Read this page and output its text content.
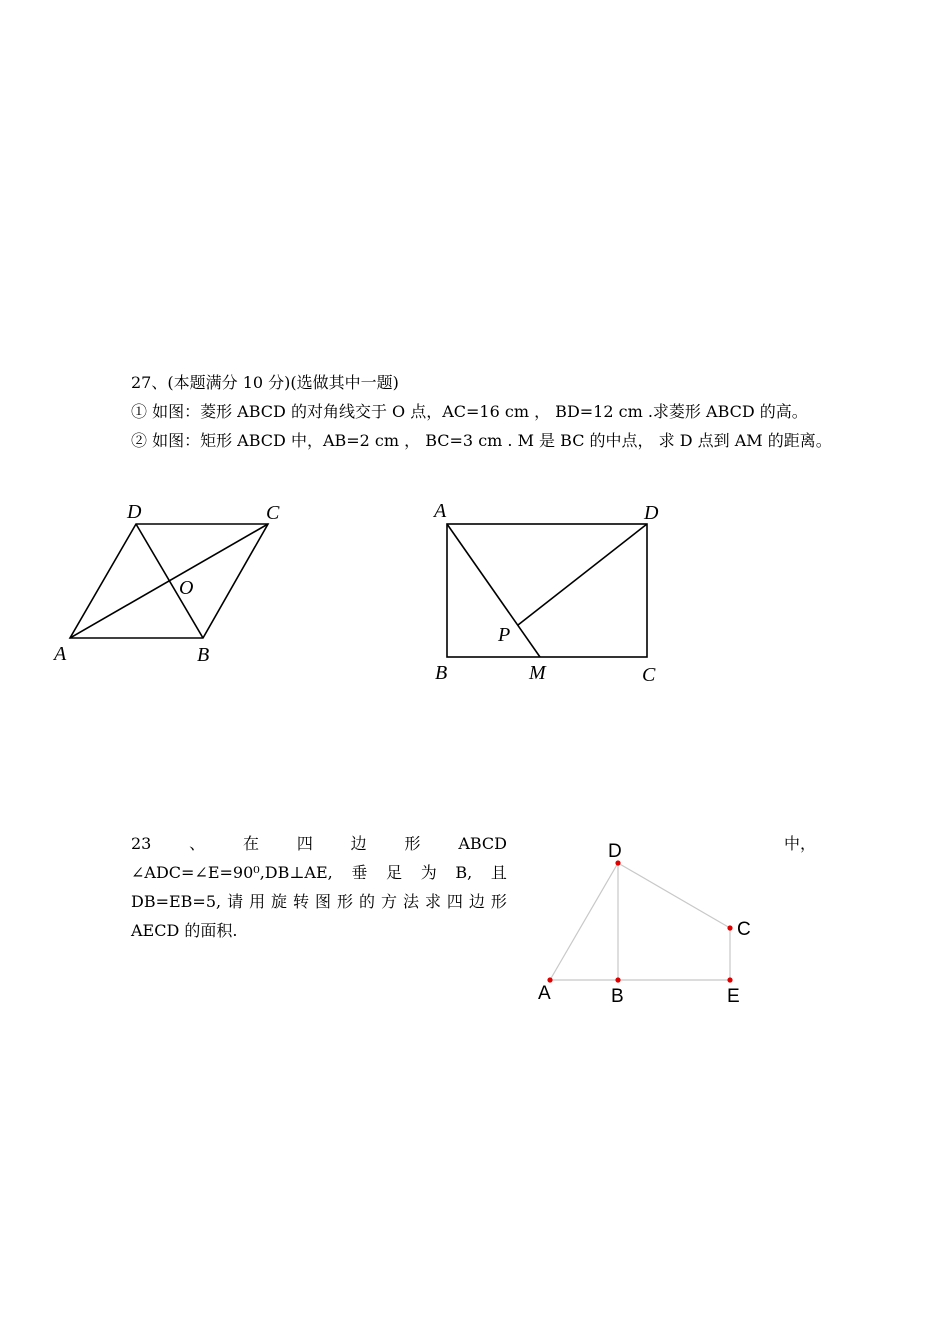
27、(本题满分 10 分)(选做其中一题)
① 如图：菱形 ABCD 的对角线交于 O 点，AC=16 cm ， BD=12 cm .求菱形 ABCD 的高。
② 如图：矩形 ABCD 中，AB=2 cm ， BC=3 cm . M 是 BC 的中点， 求 D 点到 AM 的距离。
D	C
O
A	B
A	D
P
B	M	C
D
C
A	B	E
23 、 在 四 边 形 ABCD	中，
∠ADC=∠E=90⁰,DB⊥AE, 垂 足 为 B, 且
DB=EB=5, 请 用 旋 转 图 形 的 方 法 求 四 边 形
AECD 的面积.
